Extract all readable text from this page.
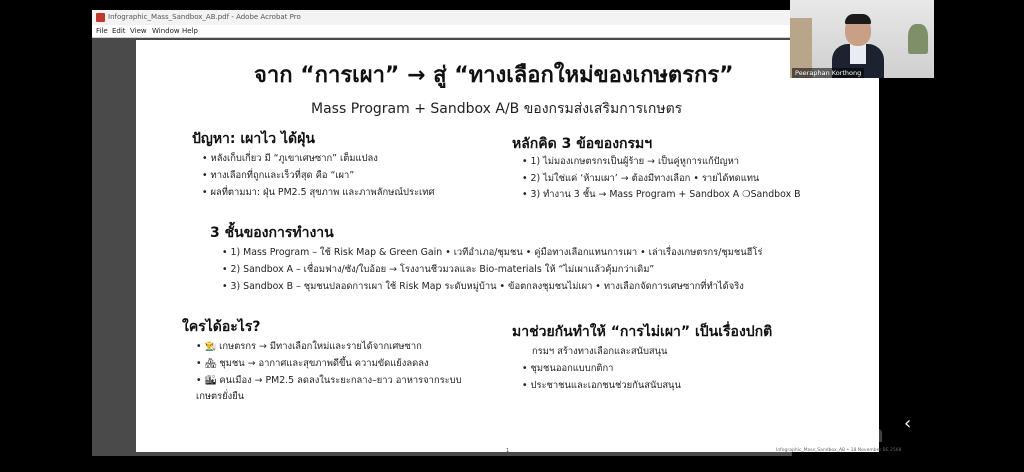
Infographic_Mass_Sandbox_AB.pdf - Adobe Acrobat Pro
File Edit View Window Help
จาก “การเผา” → สู่ “ทางเลือกใหม่ของเกษตรกร”
Mass Program + Sandbox A/B ของกรมส่งเสริมการเกษตร
ปัญหา: เผาไว ได้ฝุ่น
• หลังเก็บเกี่ยว มี “ภูเขาเศษซาก” เต็มแปลง
• ทางเลือกที่ถูกและเร็วที่สุด คือ “เผา”
• ผลที่ตามมา: ฝุ่น PM2.5 สุขภาพ และภาพลักษณ์ประเทศ
หลักคิด 3 ข้อของกรมฯ
• 1) ไม่มองเกษตรกรเป็นผู้ร้าย → เป็นคู่หูการแก้ปัญหา
• 2) ไม่ใช่แค่ ‘ห้ามเผา’ → ต้องมีทางเลือก • รายได้ทดแทน
• 3) ทำงาน 3 ชั้น → Mass Program + Sandbox A ❍Sandbox B
3 ชั้นของการทำงาน
• 1) Mass Program – ใช้ Risk Map & Green Gain • เวทีอำเภอ/ชุมชน • คู่มือทางเลือกแทนการเผา • เล่าเรื่องเกษตรกร/ชุมชนฮีโร่
• 2) Sandbox A – เชื่อมฟาง/ซัง/ใบอ้อย → โรงงานชีวมวลและ Bio-materials ให้ “ไม่เผาแล้วคุ้มกว่าเดิม”
• 3) Sandbox B – ชุมชนปลอดการเผา ใช้ Risk Map ระดับหมู่บ้าน • ข้อตกลงชุมชนไม่เผา • ทางเลือกจัดการเศษซากที่ทำได้จริง
ใครได้อะไร?
• 👨‍🌾 เกษตรกร → มีทางเลือกใหม่และรายได้จากเศษซาก
• 🏘 ชุมชน → อากาศและสุขภาพดีขึ้น ความขัดแย้งลดลง
• 🏙 คนเมือง → PM2.5 ลดลงในระยะกลาง–ยาว อาหารจากระบบ
เกษตรยั่งยืน
มาช่วยกันทำให้ “การไม่เผา” เป็นเรื่องปกติ
กรมฯ สร้างทางเลือกและสนับสนุน
• ชุมชนออกแบบกติกา
• ประชาชนและเอกชนช่วยกันสนับสนุน
1	Infographic_Mass_Sandbox_AB • 18 November BE 2568
Peeraphan Korthong
zoom ‹
